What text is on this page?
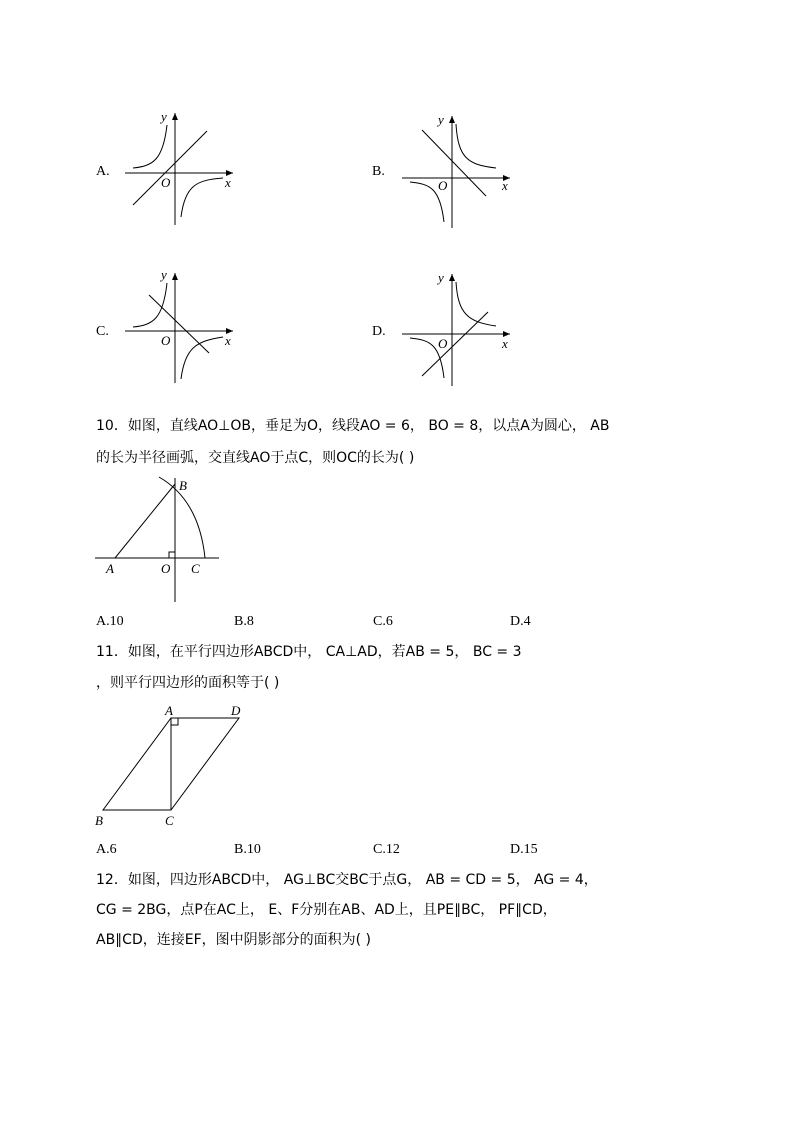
A.
y
x
O
B.
y
x
O
C.
y
x
O
D.
y
x
O
10．如图，直线AO⊥OB，垂足为O，线段AO = 6， BO = 8，以点A为圆心， AB
的长为半径画弧，交直线AO于点C，则OC的长为( )
B
A	O C
A.10	B.8	C.6	D.4
11．如图，在平行四边形ABCD中， CA⊥AD，若AB = 5， BC = 3
，则平行四边形的面积等于( )
A	D
B	C
A.6	B.10	C.12	D.15
12．如图，四边形ABCD中， AG⊥BC交BC于点G， AB = CD = 5， AG = 4，
CG = 2BG，点P在AC上， E、F分别在AB、AD上，且PE∥BC， PF∥CD，
AB∥CD，连接EF，图中阴影部分的面积为( )
